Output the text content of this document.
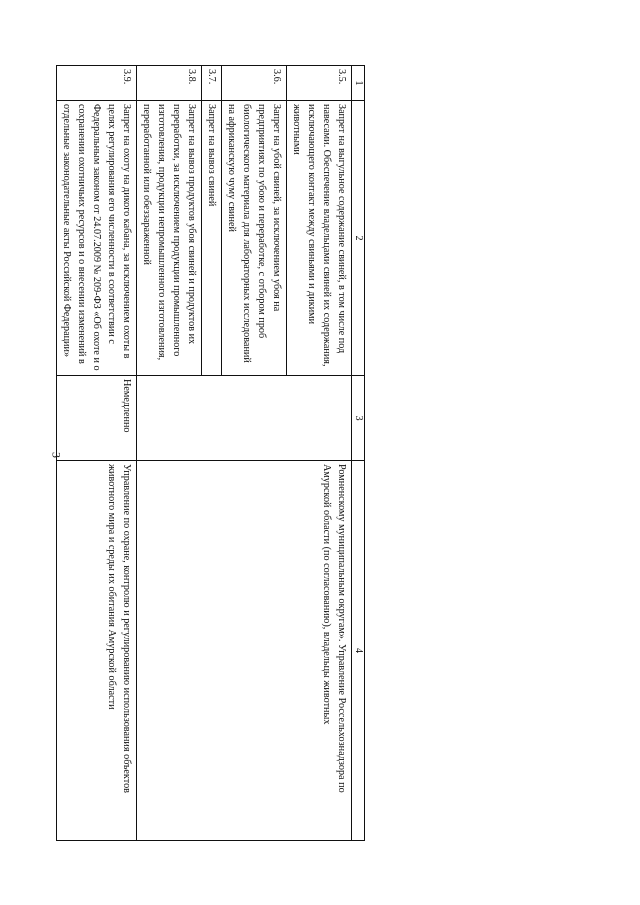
3
1	2	3	4
3.5.	Запрет на выгульное содержание свиней, в том числе под навесами. Обеспечение владельцами свиней их содержания, исключающего контакт между свиньями и дикими животными		Ромненскому муниципальным округам». Управление Россельхознадзора по Амурской области (по согласованию), владельцы животных
3.6.	Запрет на убой свиней, за исключением убоя на предприятиях по убою и переработке, с отбором проб биологического материала для лабораторных исследований на африканскую чуму свиней		
3.7.	Запрет на вывоз свиней		
3.8.	Запрет на вывоз продуктов убоя свиней и продуктов их переработки, за исключением продукции промышленного изготовления, продукции непромышленного изготовления, переработанной или обеззараженной		
3.9.	Запрет на охоту на дикого кабана, за исключением охоты в целях регулирования его численности в соответствии с Федеральным законом от 24.07.2009 № 209-ФЗ «Об охоте и о сохранении охотничьих ресурсов и о внесении изменений в отдельные законодательные акты Российской Федерации»	Немедленно	Управление по охране, контролю и регулированию использования объектов животного мира и среды их обитания Амурской области
